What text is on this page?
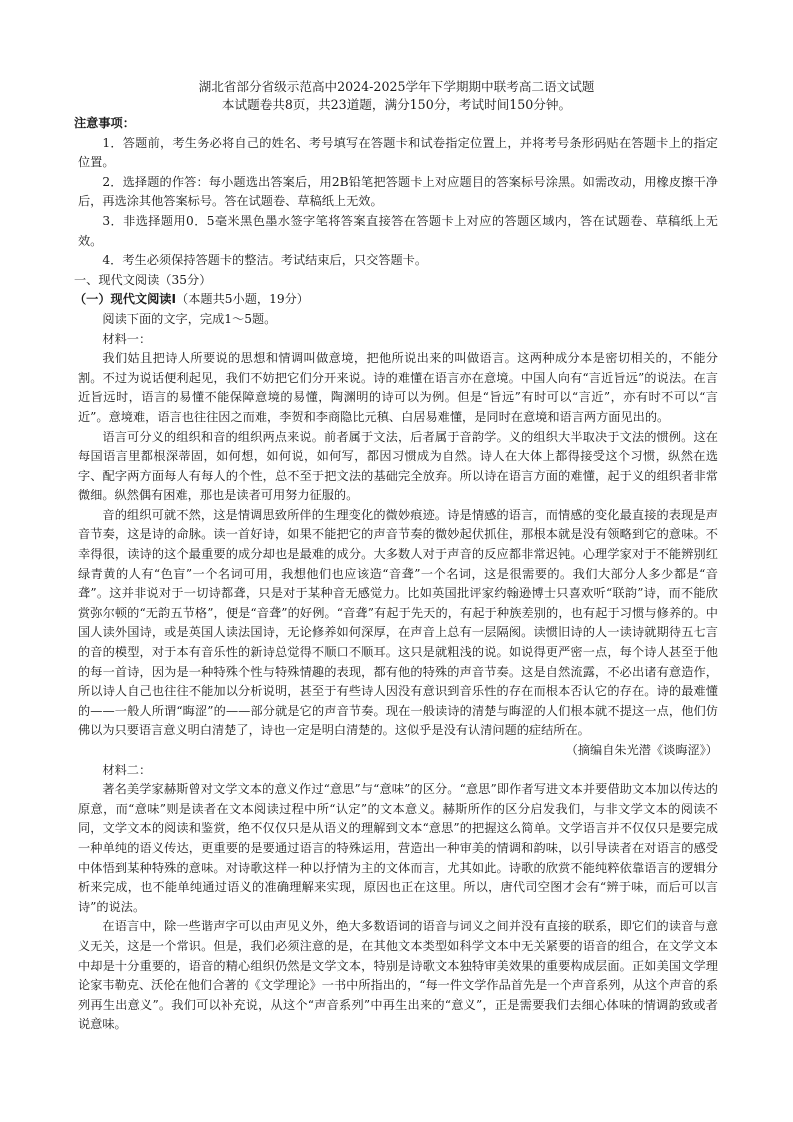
湖北省部分省级示范高中2024-2025学年下学期期中联考高二语文试题
本试题卷共8页，共23道题，满分150分，考试时间150分钟。

注意事项：

1．答题前，考生务必将自己的姓名、考号填写在答题卡和试卷指定位置上，并将考号条形码贴在答题卡上的指定位置。

2．选择题的作答：每小题选出答案后，用2B铅笔把答题卡上对应题目的答案标号涂黑。如需改动，用橡皮擦干净后，再选涂其他答案标号。答在试题卷、草稿纸上无效。

3．非选择题用0．5毫米黑色墨水签字笔将答案直接答在答题卡上对应的答题区域内，答在试题卷、草稿纸上无效。

4．考生必须保持答题卡的整洁。考试结束后，只交答题卡。

一、现代文阅读（35分）

（一）现代文阅读Ⅰ（本题共5小题，19分）

阅读下面的文字，完成1～5题。

材料一：

我们姑且把诗人所要说的思想和情调叫做意境，把他所说出来的叫做语言。这两种成分本是密切相关的，不能分割。不过为说话便利起见，我们不妨把它们分开来说。诗的难懂在语言亦在意境。中国人向有“言近旨远”的说法。在言近旨远时，语言的易懂不能保障意境的易懂，陶渊明的诗可以为例。但是“旨远”有时可以“言近”，亦有时不可以“言近”。意境难，语言也往往因之而难，李贺和李商隐比元稹、白居易难懂，是同时在意境和语言两方面见出的。

语言可分义的组织和音的组织两点来说。前者属于文法，后者属于音韵学。义的组织大半取决于文法的惯例。这在每国语言里都根深蒂固，如何想，如何说，如何写，都因习惯成为自然。诗人在大体上都得接受这个习惯，纵然在选字、配字两方面每人有每人的个性，总不至于把文法的基础完全放弃。所以诗在语言方面的难懂，起于义的组织者非常微细。纵然偶有困难，那也是读者可用努力征服的。

音的组织可就不然，这是情调思致所伴的生理变化的微妙痕迹。诗是情感的语言，而情感的变化最直接的表现是声音节奏，这是诗的命脉。读一首好诗，如果不能把它的声音节奏的微妙起伏抓住，那根本就是没有领略到它的意味。不幸得很，读诗的这个最重要的成分却也是最难的成分。大多数人对于声音的反应都非常迟钝。心理学家对于不能辨别红绿青黄的人有“色盲”一个名词可用，我想他们也应该造“音聋”一个名词，这是很需要的。我们大部分人多少都是“音聋”。这并非说对于一切诗都聋，只是对于某种音无感觉力。比如英国批评家约翰逊博士只喜欢听“联韵”诗，而不能欣赏弥尔顿的“无韵五节格”，便是“音聋”的好例。“音聋”有起于先天的，有起于种族差别的，也有起于习惯与修养的。中国人读外国诗，或是英国人读法国诗，无论修养如何深厚，在声音上总有一层隔阂。读惯旧诗的人一读诗就期待五七言的音的模型，对于本有音乐性的新诗总觉得不顺口不顺耳。这只是就粗浅的说。如说得更严密一点，每个诗人甚至于他的每一首诗，因为是一种特殊个性与特殊情趣的表现，都有他的特殊的声音节奏。这是自然流露，不必出诸有意造作，所以诗人自己也往往不能加以分析说明，甚至于有些诗人因没有意识到音乐性的存在而根本否认它的存在。诗的最难懂的——一般人所谓“晦涩”的——部分就是它的声音节奏。现在一般读诗的清楚与晦涩的人们根本就不提这一点，他们仿佛以为只要语言意义明白清楚了，诗也一定是明白清楚的。这似乎是没有认清问题的症结所在。

（摘编自朱光潜《谈晦涩》）

材料二：

著名美学家赫斯曾对文学文本的意义作过“意思”与“意味”的区分。“意思”即作者写进文本并要借助文本加以传达的原意，而“意味”则是读者在文本阅读过程中所“认定”的文本意义。赫斯所作的区分启发我们，与非文学文本的阅读不同，文学文本的阅读和鉴赏，绝不仅仅只是从语义的理解到文本“意思”的把握这么简单。文学语言并不仅仅只是要完成一种单纯的语义传达，更重要的是要通过语言的特殊运用，营造出一种审美的情调和韵味，以引导读者在对语言的感受中体悟到某种特殊的意味。对诗歌这样一种以抒情为主的文体而言，尤其如此。诗歌的欣赏不能纯粹依靠语言的逻辑分析来完成，也不能单纯通过语义的准确理解来实现，原因也正在这里。所以，唐代司空图才会有“辨于味，而后可以言诗”的说法。

在语言中，除一些谐声字可以由声见义外，绝大多数语词的语音与词义之间并没有直接的联系，即它们的读音与意义无关，这是一个常识。但是，我们必须注意的是，在其他文本类型如科学文本中无关紧要的语音的组合，在文学文本中却是十分重要的，语音的精心组织仍然是文学文本，特别是诗歌文本独特审美效果的重要构成层面。正如美国文学理论家韦勒克、沃伦在他们合著的《文学理论》一书中所指出的，“每一件文学作品首先是一个声音系列，从这个声音的系列再生出意义”。我们可以补充说，从这个“声音系列”中再生出来的“意义”，正是需要我们去细心体味的情调韵致或者说意味。
